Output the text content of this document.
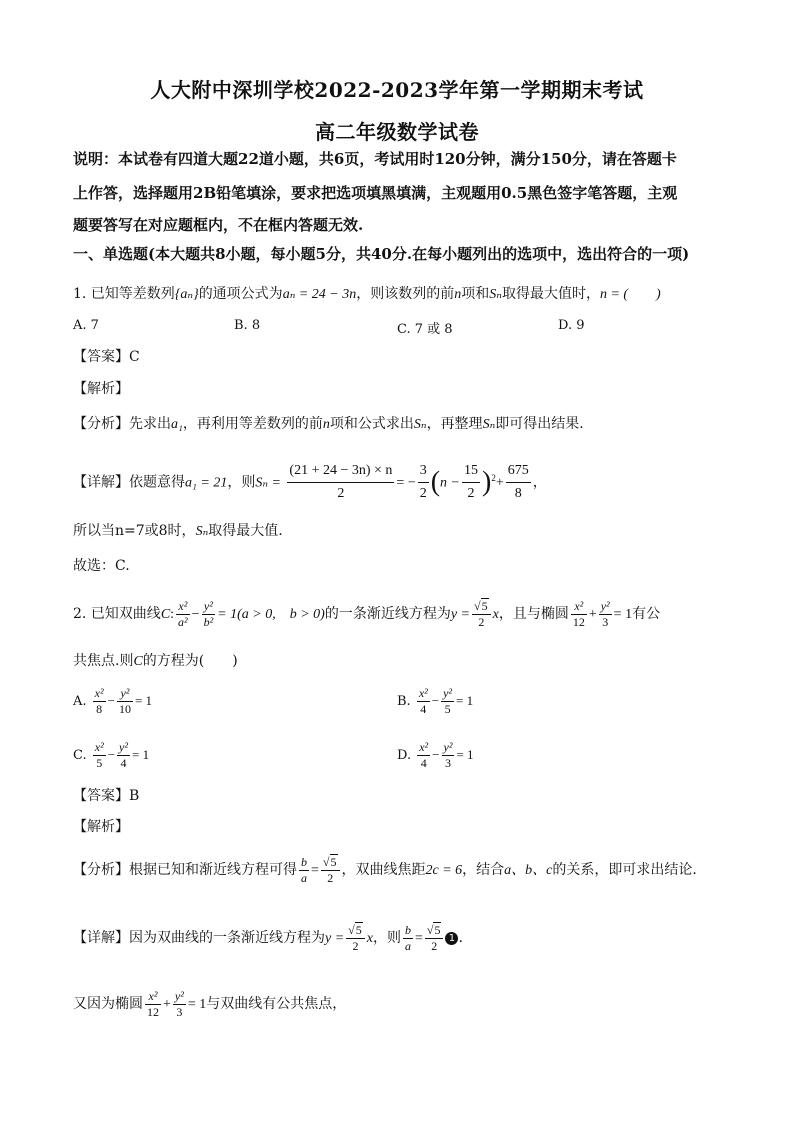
人大附中深圳学校2022-2023学年第一学期期末考试
高二年级数学试卷
说明：本试卷有四道大题22道小题，共6页，考试用时120分钟，满分150分，请在答题卡
上作答，选择题用2B铅笔填涂，要求把选项填黑填满，主观题用0.5黑色签字笔答题，主观
题要答写在对应题框内，不在框内答题无效.
一、单选题(本大题共8小题，每小题5分，共40分.在每小题列出的选项中，选出符合的一项)
1. 已知等差数列{aₙ}的通项公式为aₙ = 24 − 3n，则该数列的前n项和Sₙ取得最大值时，n = (　　)
A. 7	B. 8	C. 7 或 8	D. 9
【答案】C
【解析】
【分析】先求出a₁，再利用等差数列的前n项和公式求出Sₙ，再整理Sₙ即可得出结果.
【详解】依题意得a₁ = 21，则$S_n = \frac{(21 + 24 - 3n) \times n}{2}$ = − $\frac{3}{2} (n - \frac{15}{2} )^2+ \frac{675}{8}$ ，
所以当n=7或8时，Sₙ取得最大值.
故选：C.
2. 已知双曲线C: $\frac{\text{x²}}{\text{a²}} - \frac{\text{y²}}{\text{b²}} = 1(a > 0$,　b > 0)的一条渐近线方程为$y = \frac{√5}{2}$ x，且与椭圆 $\frac{\text{x²}}{12} + \frac{\text{y²}}{3} = 1$有公
共焦点.则C的方程为(　　)
A. $\frac{\text{x²}}{8} - \frac{\text{y²}}{10} = 1$	B. $\frac{\text{x²}}{4} - \frac{\text{y²}}{5} = 1$
C. $\frac{\text{x²}}{5} - \frac{\text{y²}}{4} = 1$	D. $\frac{\text{x²}}{4} - \frac{\text{y²}}{3} = 1$
【答案】B
【解析】
【分析】根据已知和渐近线方程可得 $\frac{b}{a} = \frac{√5}{2}$ ，双曲线焦距2c = 6，结合a、b、c的关系，即可求出结论.
【详解】因为双曲线的一条渐近线方程为$y = \frac{√5}{2}$ x，则 $\frac{b}{a} = \frac{√5}{2} 1$ .
又因为椭圆 $\frac{\text{x²}}{12} + \frac{\text{y²}}{3} = 1$与双曲线有公共焦点，
